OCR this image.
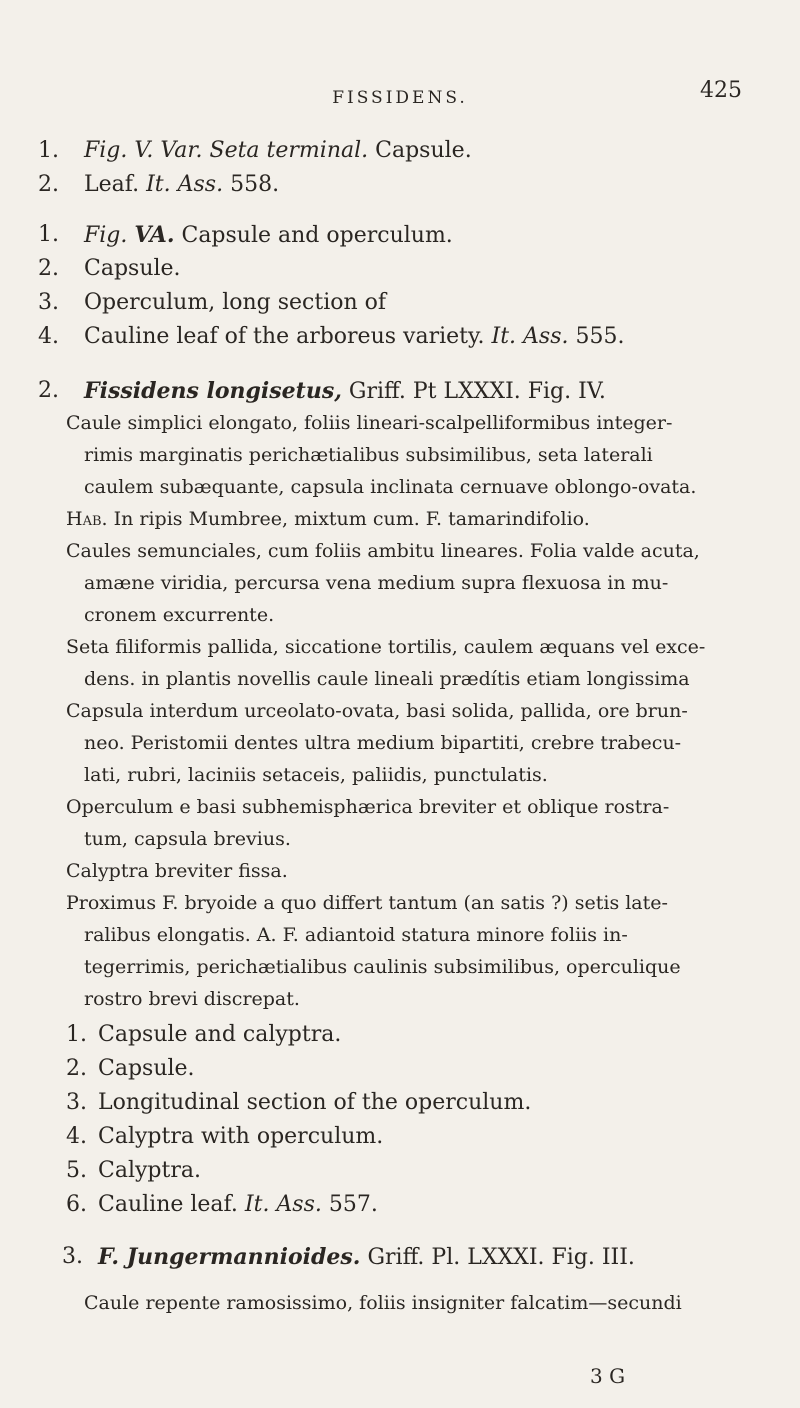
FISSIDENS.	425
1. Fig. V. Var. Seta terminal. Capsule.
2. Leaf. It. Ass. 558.
1. Fig. VA. Capsule and operculum.
2. Capsule.
3. Operculum, long section of
4. Cauline leaf of the arboreus variety. It. Ass. 555.
2. Fissidens longisetus, Griff. Pt LXXXI. Fig. IV.
Caule simplici elongato, foliis lineari-scalpelliformibus integer-
rimis marginatis perichætialibus subsimilibus, seta laterali
caulem subæquante, capsula inclinata cernuave oblongo-ovata.
Hab. In ripis Mumbree, mixtum cum. F. tamarindifolio.
Caules semunciales, cum foliis ambitu lineares. Folia valde acuta,
amæne viridia, percursa vena medium supra flexuosa in mu-
cronem excurrente.
Seta filiformis pallida, siccatione tortilis, caulem æquans vel exce-
dens. in plantis novellis caule lineali prædítis etiam longissima
Capsula interdum urceolato-ovata, basi solida, pallida, ore brun-
neo. Peristomii dentes ultra medium bipartiti, crebre trabecu-
lati, rubri, laciniis setaceis, paliidis, punctulatis.
Operculum e basi subhemisphærica breviter et oblique rostra-
tum, capsula brevius.
Calyptra breviter fissa.
Proximus F. bryoide a quo differt tantum (an satis ?) setis late-
ralibus elongatis. A. F. adiantoid statura minore foliis in-
tegerrimis, perichætialibus caulinis subsimilibus, operculique
rostro brevi discrepat.
1. Capsule and calyptra.
2. Capsule.
3. Longitudinal section of the operculum.
4. Calyptra with operculum.
5. Calyptra.
6. Cauline leaf. It. Ass. 557.
3. F. Jungermannioides. Griff. Pl. LXXXI. Fig. III.
Caule repente ramosissimo, foliis insigniter falcatim—secundi
3 G
